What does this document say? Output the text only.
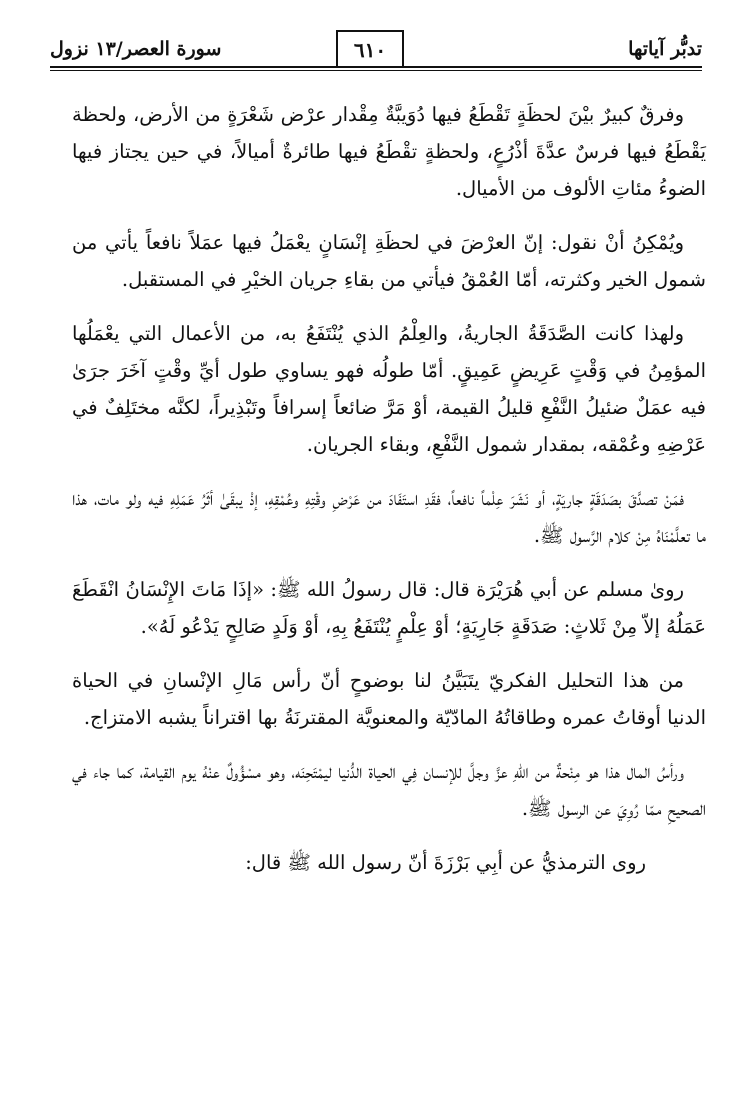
تدبُّر آياتها
٦١٠
سورة العصر/١٣ نزول

وفرقٌ كبيرٌ بيْنَ لحظَةٍ تَقْطَعُ فيها دُوَيبَّةٌ مِقْدار عرْض شَعْرَةٍ من الأرض، ولحظة يَقْطَعُ فيها فرسٌ عدَّةَ أذْرُعٍ، ولحظةٍ تقْطَعُ فيها طائرةٌ أميالاً، في حين يجتاز فيها الضوءُ مئاتِ الألوف من الأميال.

ويُمْكِنُ أنْ نقول: إنّ العرْضَ في لحظَةِ إنْسَانٍ يعْمَلُ فيها عمَلاً نافعاً يأتي من شمول الخير وكثرته، أمّا العُمْقُ فيأتي من بقاءِ جريان الخيْرِ في المستقبل.

ولهذا كانت الصَّدَقَةُ الجاريةُ، والعِلْمُ الذي يُنْتَفَعُ به، من الأعمال التي يعْمَلُها المؤمِنُ في وَقْتٍ عَرِيضٍ عَمِيقٍ. أمّا طولُه فهو يساوي طول أيِّ وقْتٍ آخَرَ جرَىٰ فيه عمَلٌ ضئيلُ النَّفْعِ قليلُ القيمة، أوْ مَرَّ ضائعاً إسرافاً وتَبْذِيراً، لكنَّه مختَلِفٌ في عَرْضِهِ وعُمْقه، بمقدار شمول النَّفْعِ، وبقاء الجريان.

فمَنْ تصدَّقَ بصَدَقَةٍ جاريَةٍ، أو نَشَرَ عِلْماً نافعاً، فقَدِ استَفَادَ من عَرْضِ وقْتِهِ وعُمْقِهِ، إذْ يبقَىٰ أثَرُ عَمَلِهِ فيه ولو مات، هذا ما تعلَّمْنَاهُ مِنْ كلام الرَّسول ﷺ.

روىٰ مسلم عن أبي هُرَيْرَة قال: قال رسولُ الله ﷺ: «إذَا مَاتَ الإِنْسَانُ انْقَطَعَ عَمَلُهُ إلاّ مِنْ ثَلاثٍ: صَدَقَةٍ جَارِيَةٍ؛ أوْ عِلْمٍ يُنْتَفَعُ بِهِ، أوْ وَلَدٍ صَالِحٍ يَدْعُو لَهُ».

من هذا التحليل الفكريّ يتَبَيَّنُ لنا بوضوحٍ أنّ رأس مَالِ الإنْسانِ في الحياة الدنيا أوقاتُ عمره وطاقاتُهُ المادّيّة والمعنويَّة المقترنَةُ بها اقتراناً يشبه الامتزاج.

ورأسُ المال هذا هو مِنْحةٌ من اللهِ عزَّ وجلَّ للإنسان فِي الحياة الدُّنيا ليمْتَحِنَه، وهو مسْؤُولٌ عنْهُ يوم القيامة، كما جاء في الصحيحِ ممّا رُوِيَ عن الرسول ﷺ.

روى الترمذيُّ عن أبِي بَرْزَةَ أنّ رسول الله ﷺ قال:
